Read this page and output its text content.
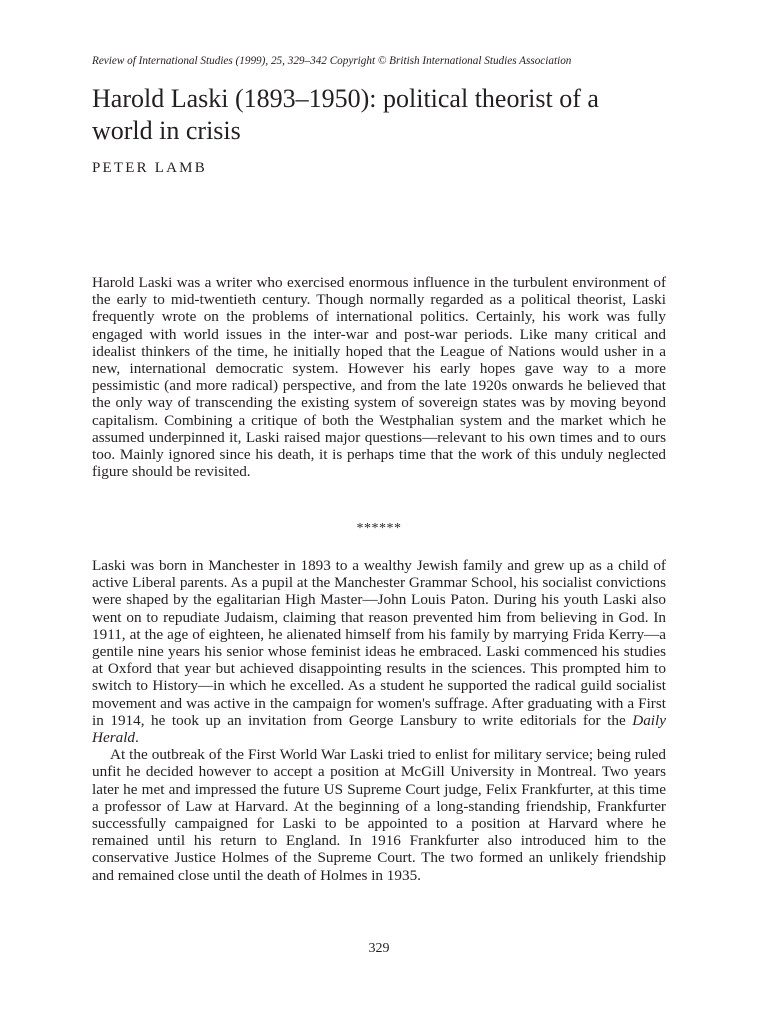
Review of International Studies (1999), 25, 329–342 Copyright © British International Studies Association
Harold Laski (1893–1950): political theorist of a world in crisis
PETER LAMB

Harold Laski was a writer who exercised enormous influence in the turbulent environment of the early to mid-twentieth century. Though normally regarded as a political theorist, Laski frequently wrote on the problems of international politics. Certainly, his work was fully engaged with world issues in the inter-war and post-war periods. Like many critical and idealist thinkers of the time, he initially hoped that the League of Nations would usher in a new, international democratic system. However his early hopes gave way to a more pessimistic (and more radical) perspective, and from the late 1920s onwards he believed that the only way of transcending the existing system of sovereign states was by moving beyond capitalism. Combining a critique of both the Westphalian system and the market which he assumed underpinned it, Laski raised major questions—relevant to his own times and to ours too. Mainly ignored since his death, it is perhaps time that the work of this unduly neglected figure should be revisited.

******

Laski was born in Manchester in 1893 to a wealthy Jewish family and grew up as a child of active Liberal parents. As a pupil at the Manchester Grammar School, his socialist convictions were shaped by the egalitarian High Master—John Louis Paton. During his youth Laski also went on to repudiate Judaism, claiming that reason prevented him from believing in God. In 1911, at the age of eighteen, he alienated himself from his family by marrying Frida Kerry—a gentile nine years his senior whose feminist ideas he embraced. Laski commenced his studies at Oxford that year but achieved disappointing results in the sciences. This prompted him to switch to History—in which he excelled. As a student he supported the radical guild socialist movement and was active in the campaign for women's suffrage. After graduating with a First in 1914, he took up an invitation from George Lansbury to write editorials for the Daily Herald.

At the outbreak of the First World War Laski tried to enlist for military service; being ruled unfit he decided however to accept a position at McGill University in Montreal. Two years later he met and impressed the future US Supreme Court judge, Felix Frankfurter, at this time a professor of Law at Harvard. At the beginning of a long-standing friendship, Frankfurter successfully campaigned for Laski to be appointed to a position at Harvard where he remained until his return to England. In 1916 Frankfurter also introduced him to the conservative Justice Holmes of the Supreme Court. The two formed an unlikely friendship and remained close until the death of Holmes in 1935.

329
